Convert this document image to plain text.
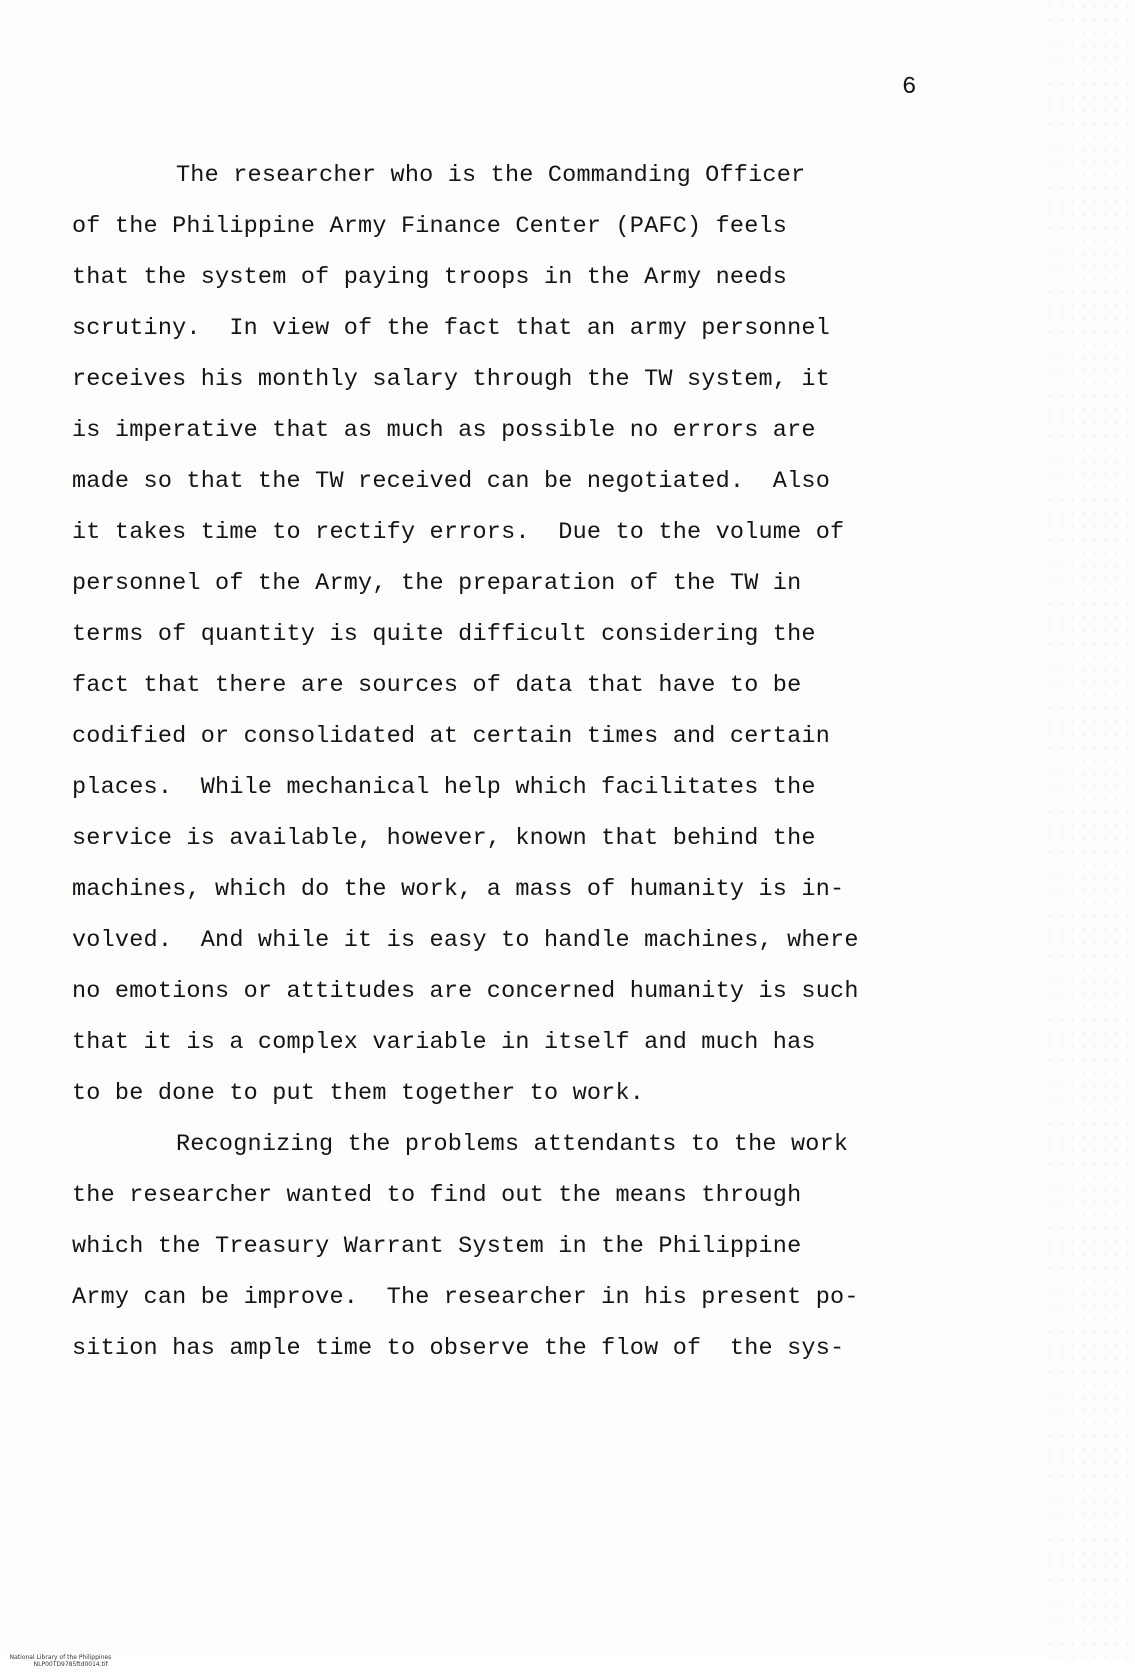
6
The researcher who is the Commanding Officer
of the Philippine Army Finance Center (PAFC) feels
that the system of paying troops in the Army needs
scrutiny.  In view of the fact that an army personnel
receives his monthly salary through the TW system, it
is imperative that as much as possible no errors are
made so that the TW received can be negotiated.  Also
it takes time to rectify errors.  Due to the volume of
personnel of the Army, the preparation of the TW in
terms of quantity is quite difficult considering the
fact that there are sources of data that have to be
codified or consolidated at certain times and certain
places.  While mechanical help which facilitates the
service is available, however, known that behind the
machines, which do the work, a mass of humanity is in-
volved.  And while it is easy to handle machines, where
no emotions or attitudes are concerned humanity is such
that it is a complex variable in itself and much has
to be done to put them together to work.
Recognizing the problems attendants to the work
the researcher wanted to find out the means through
which the Treasury Warrant System in the Philippine
Army can be improve.  The researcher in his present po-
sition has ample time to observe the flow of  the sys-

National Library of the Philippines
NLP00TD9785ftd0014.tif
